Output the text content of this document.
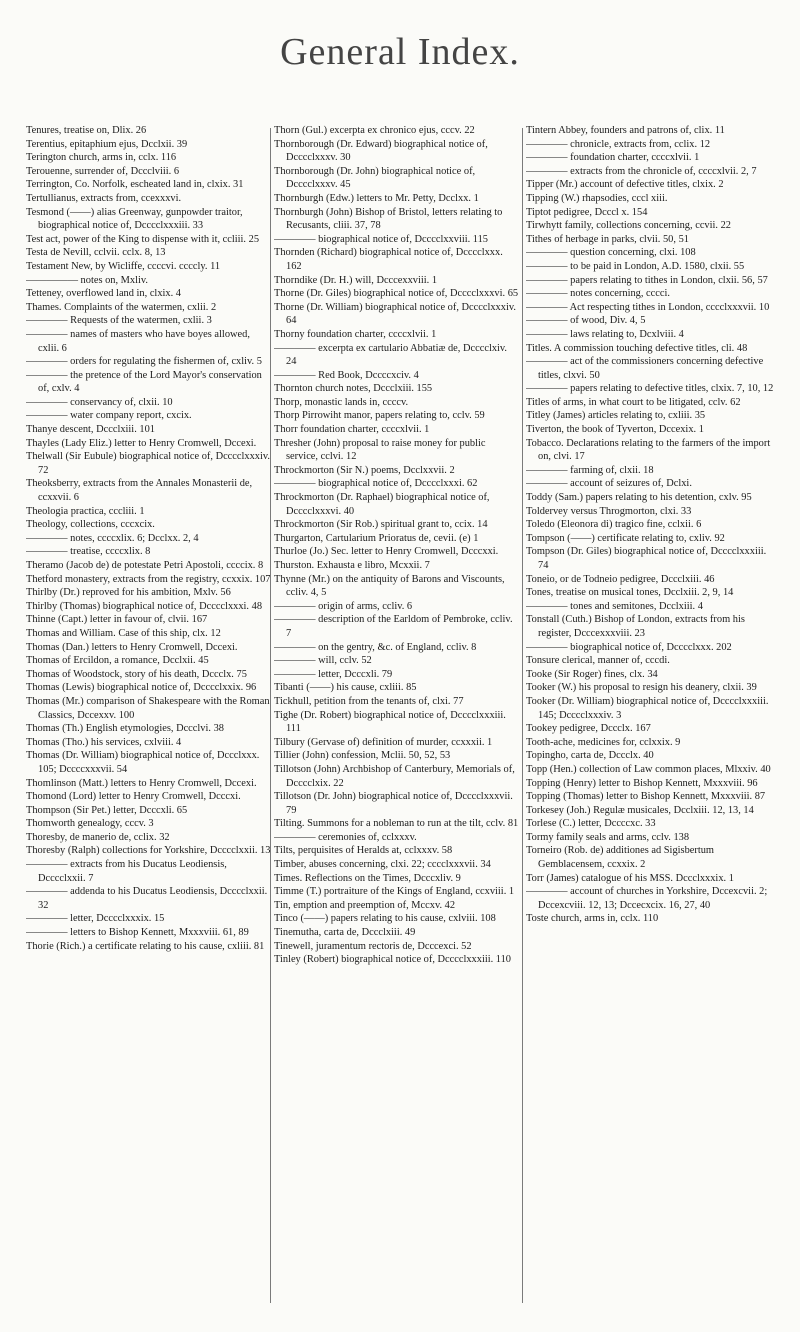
General Index.

Tenures, treatise on, Dlix. 26

Terentius, epitaphium ejus, Dcclxii. 39

Terington church, arms in, cclx. 116

Terouenne, surrender of, Dccclviii. 6

Terrington, Co. Norfolk, escheated land in, clxix. 31

Tertullianus, extracts from, ccexxxvi.

Tesmond (——) alias Greenway, gunpowder traitor, biographical notice of, Dcccclxxxiii. 33

Test act, power of the King to dispense with it, ccliii. 25

Testa de Nevill, cclvii. cclx. 8, 13

Testament New, by Wicliffe, ccccvi. ccccly. 11

————— notes on, Mxliv.

Tetteney, overflowed land in, clxix. 4

Thames. Complaints of the watermen, cxlii. 2

———— Requests of the watermen, cxlii. 3

———— names of masters who have boyes allowed, cxlii. 6

———— orders for regulating the fishermen of, cxliv. 5

———— the pretence of the Lord Mayor's conservation of, cxlv. 4

———— conservancy of, clxii. 10

———— water company report, cxcix.

Thanye descent, Dccclxiii. 101

Thayles (Lady Eliz.) letter to Henry Cromwell, Dccexi.

Thelwall (Sir Eubule) biographical notice of, Dcccclxxxiv. 72

Theoksberry, extracts from the Annales Monasterii de, ccxxvii. 6

Theologia practica, cccliii. 1

Theology, collections, cccxcix.

———— notes, ccccxlix. 6; Dcclxx. 2, 4

———— treatise, ccccxlix. 8

Theramo (Jacob de) de potestate Petri Apostoli, ccccix. 8

Thetford monastery, extracts from the registry, ccxxix. 107

Thirlby (Dr.) reproved for his ambition, Mxlv. 56

Thirlby (Thomas) biographical notice of, Dcccclxxxi. 48

Thinne (Capt.) letter in favour of, clvii. 167

Thomas and William. Case of this ship, clx. 12

Thomas (Dan.) letters to Henry Cromwell, Dccexi.

Thomas of Ercildon, a romance, Dcclxii. 45

Thomas of Woodstock, story of his death, Dccclx. 75

Thomas (Lewis) biographical notice of, Dcccclxxix. 96

Thomas (Mr.) comparison of Shakespeare with the Roman Classics, Dccexxv. 100

Thomas (Th.) English etymologies, Dccclvi. 38

Thomas (Tho.) his services, cxlviii. 4

Thomas (Dr. William) biographical notice of, Dccclxxx. 105; Dccccxxxvii. 54

Thomlinson (Matt.) letters to Henry Cromwell, Dccexi.

Thomond (Lord) letter to Henry Cromwell, Dcccxi.

Thompson (Sir Pet.) letter, Dcccxli. 65

Thomworth genealogy, cccv. 3

Thoresby, de manerio de, cclix. 32

Thoresby (Ralph) collections for Yorkshire, Dcccclxxii. 13

———— extracts from his Ducatus Leodiensis, Dcccclxxii. 7

———— addenda to his Ducatus Leodiensis, Dcccclxxii. 32

———— letter, Dcccclxxxix. 15

———— letters to Bishop Kennett, Mxxxviii. 61, 89

Thorie (Rich.) a certificate relating to his cause, cxliii. 81

Thorn (Gul.) excerpta ex chronico ejus, cccv. 22

Thornborough (Dr. Edward) biographical notice of, Dcccclxxxv. 30

Thornborough (Dr. John) biographical notice of, Dcccclxxxv. 45

Thornburgh (Edw.) letters to Mr. Petty, Dcclxx. 1

Thornburgh (John) Bishop of Bristol, letters relating to Recusants, cliii. 37, 78

———— biographical notice of, Dcccclxxviii. 115

Thornden (Richard) biographical notice of, Dcccclxxx. 162

Thorndike (Dr. H.) will, Dcccexxviii. 1

Thorne (Dr. Giles) biographical notice of, Dcccclxxxvi. 65

Thorne (Dr. William) biographical notice of, Dcccclxxxiv. 64

Thorny foundation charter, ccccxlvii. 1

———— excerpta ex cartulario Abbatiæ de, Dcccclxiv. 24

———— Red Book, Dccccxciv. 4

Thornton church notes, Dccclxiii. 155

Thorp, monastic lands in, ccccv.

Thorp Pirrowiht manor, papers relating to, cclv. 59

Thorr foundation charter, ccccxlvii. 1

Thresher (John) proposal to raise money for public service, cclvi. 12

Throckmorton (Sir N.) poems, Dcclxxvii. 2

———— biographical notice of, Dcccclxxxi. 62

Throckmorton (Dr. Raphael) biographical notice of, Dcccclxxxvi. 40

Throckmorton (Sir Rob.) spiritual grant to, ccix. 14

Thurgarton, Cartularium Prioratus de, cevii. (e) 1

Thurloe (Jo.) Sec. letter to Henry Cromwell, Dcccxxi.

Thurston. Exhausta e libro, Mcxxii. 7

Thynne (Mr.) on the antiquity of Barons and Viscounts, ccliv. 4, 5

———— origin of arms, ccliv. 6

———— description of the Earldom of Pembroke, ccliv. 7

———— on the gentry, &c. of England, ccliv. 8

———— will, cclv. 52

———— letter, Dcccxli. 79

Tibanti (——) his cause, cxliii. 85

Tickhull, petition from the tenants of, clxi. 77

Tighe (Dr. Robert) biographical notice of, Dcccclxxxiii. 111

Tilbury (Gervase of) definition of murder, ccxxxii. 1

Tillier (John) confession, Mclii. 50, 52, 53

Tillotson (John) Archbishop of Canterbury, Memorials of, Dcccclxix. 22

Tillotson (Dr. John) biographical notice of, Dcccclxxxvii. 79

Tilting. Summons for a nobleman to run at the tilt, cclv. 81

———— ceremonies of, cclxxxv.

Tilts, perquisites of Heralds at, cclxxxv. 58

Timber, abuses concerning, clxi. 22; cccclxxxvii. 34

Times. Reflections on the Times, Dcccxliv. 9

Timme (T.) portraiture of the Kings of England, ccxviii. 1

Tin, emption and preemption of, Mccxv. 42

Tinco (——) papers relating to his cause, cxlviii. 108

Tinemutha, carta de, Dccclxiii. 49

Tinewell, juramentum rectoris de, Dcccexci. 52

Tinley (Robert) biographical notice of, Dcccclxxxiii. 110

Tintern Abbey, founders and patrons of, clix. 11

———— chronicle, extracts from, cclix. 12

———— foundation charter, ccccxlvii. 1

———— extracts from the chronicle of, ccccxlvii. 2, 7

Tipper (Mr.) account of defective titles, clxix. 2

Tipping (W.) rhapsodies, cccl xiii.

Tiptot pedigree, Dcccl x. 154

Tirwhytt family, collections concerning, ccvii. 22

Tithes of herbage in parks, clvii. 50, 51

———— question concerning, clxi. 108

———— to be paid in London, A.D. 1580, clxii. 55

———— papers relating to tithes in London, clxii. 56, 57

———— notes concerning, cccci.

———— Act respecting tithes in London, cccclxxxvii. 10

———— of wood, Div. 4, 5

———— laws relating to, Dcxlviii. 4

Titles. A commission touching defective titles, cli. 48

———— act of the commissioners concerning defective titles, clxvi. 50

———— papers relating to defective titles, clxix. 7, 10, 12

Titles of arms, in what court to be litigated, cclv. 62

Titley (James) articles relating to, cxliii. 35

Tiverton, the book of Tyverton, Dccexix. 1

Tobacco. Declarations relating to the farmers of the import on, clvi. 17

———— farming of, clxii. 18

———— account of seizures of, Dclxi.

Toddy (Sam.) papers relating to his detention, cxlv. 95

Toldervey versus Throgmorton, clxi. 33

Toledo (Eleonora di) tragico fine, cclxii. 6

Tompson (——) certificate relating to, cxliv. 92

Tompson (Dr. Giles) biographical notice of, Dcccclxxxiii. 74

Toneio, or de Todneio pedigree, Dccclxiii. 46

Tones, treatise on musical tones, Dcclxiii. 2, 9, 14

———— tones and semitones, Dcclxiii. 4

Tonstall (Cuth.) Bishop of London, extracts from his register, Dcccexxxviii. 23

———— biographical notice of, Dcccclxxx. 202

Tonsure clerical, manner of, cccdi.

Tooke (Sir Roger) fines, clx. 34

Tooker (W.) his proposal to resign his deanery, clxii. 39

Tooker (Dr. William) biographical notice of, Dcccclxxxiii. 145; Dcccclxxxiv. 3

Tookey pedigree, Dccclx. 167

Tooth-ache, medicines for, cclxxix. 9

Topingho, carta de, Dccclx. 40

Topp (Hen.) collection of Law common places, Mlxxiv. 40

Topping (Henry) letter to Bishop Kennett, Mxxxviii. 96

Topping (Thomas) letter to Bishop Kennett, Mxxxviii. 87

Torkesey (Joh.) Regulæ musicales, Dcclxiii. 12, 13, 14

Torlese (C.) letter, Dccccxc. 33

Tormy family seals and arms, cclv. 138

Torneiro (Rob. de) additiones ad Sigisbertum Gemblacensem, ccxxix. 2

Torr (James) catalogue of his MSS. Dccclxxxix. 1

———— account of churches in Yorkshire, Dccexcvii. 2; Dccexcviii. 12, 13; Dccecxcix. 16, 27, 40

Toste church, arms in, cclx. 110
